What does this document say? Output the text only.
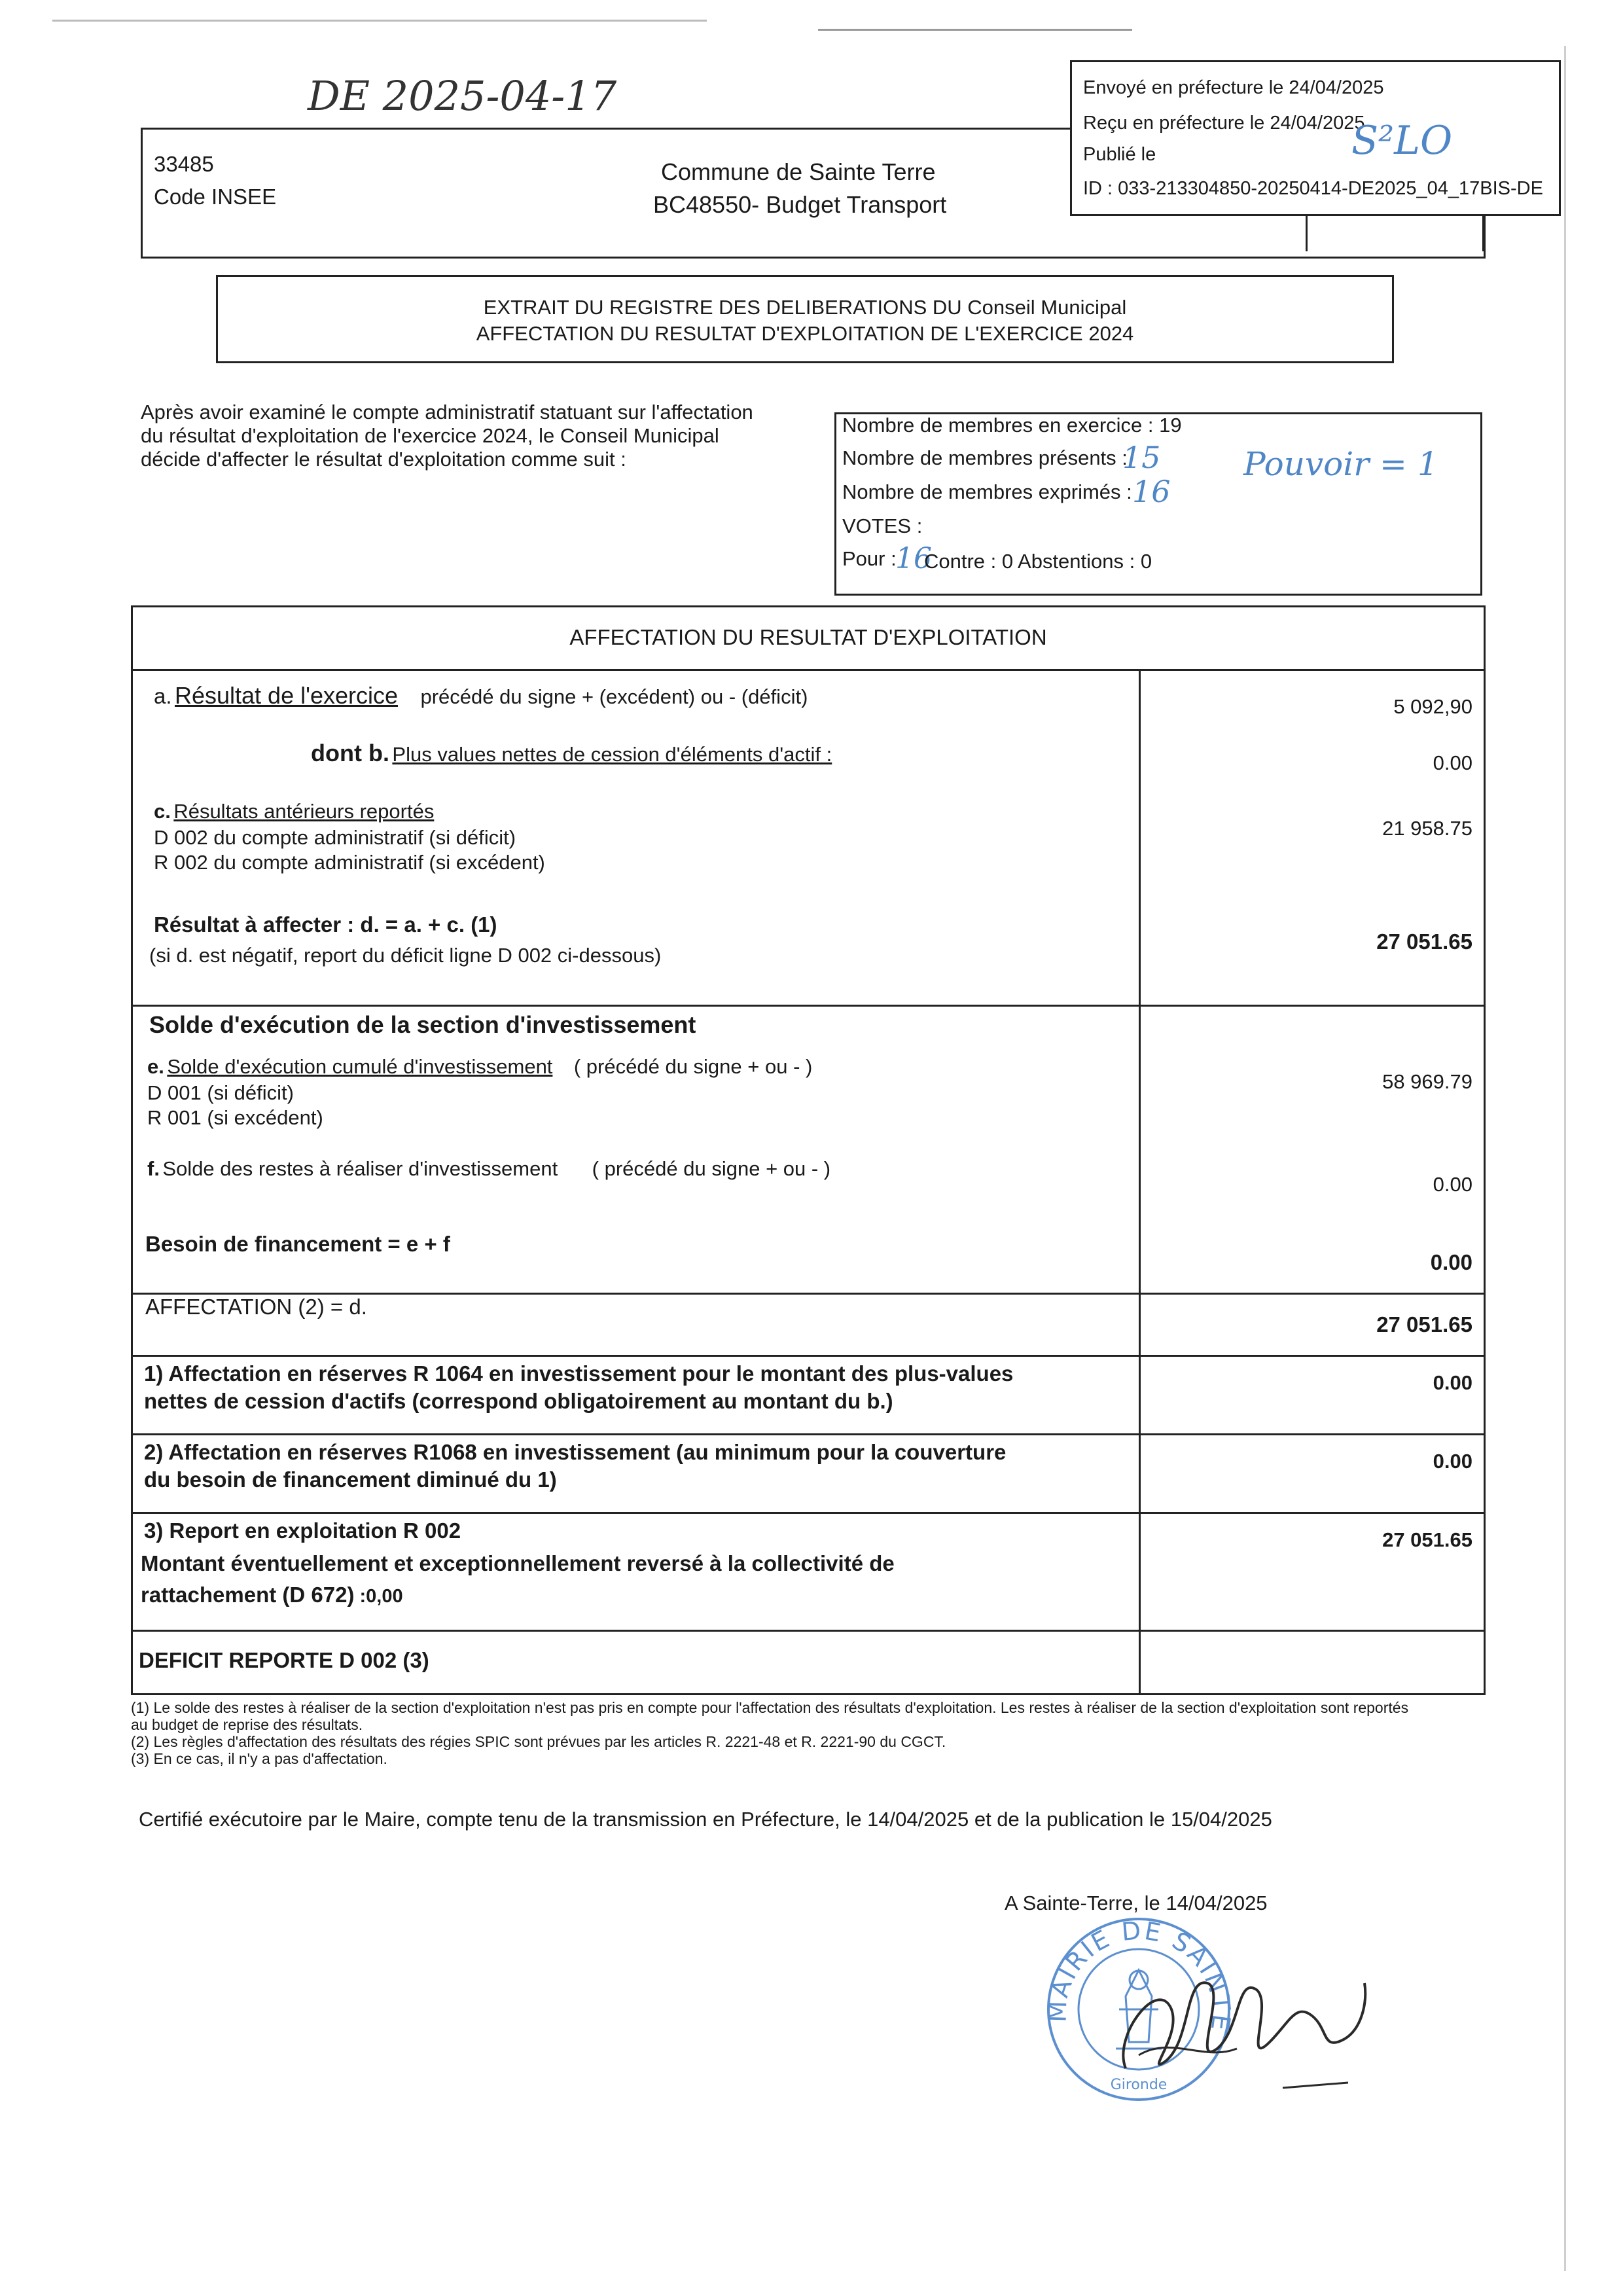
DE 2025-04-17
33485
Code INSEE
Commune de Sainte Terre
BC48550- Budget Transport
Envoyé en préfecture le 24/04/2025
Reçu en préfecture le 24/04/2025
Publié le
ID : 033-213304850-20250414-DE2025_04_17BIS-DE
S²LO
EXTRAIT DU REGISTRE DES DELIBERATIONS DU Conseil Municipal
AFFECTATION DU RESULTAT D'EXPLOITATION DE L'EXERCICE 2024
Après avoir examiné le compte administratif statuant sur l'affectation
du résultat d'exploitation de l'exercice 2024, le Conseil Municipal
décide d'affecter le résultat d'exploitation comme suit :
Nombre de membres en exercice : 19
Nombre de membres présents :
15
Nombre de membres exprimés : 16
Pouvoir = 1
VOTES :
Pour :
16
Contre : 0 Abstentions : 0
AFFECTATION DU RESULTAT D'EXPLOITATION
a. Résultat de l'exercice précédé du signe + (excédent) ou - (déficit)	5 092,90
dont b. Plus values nettes de cession d'éléments d'actif :	0.00
c. Résultats antérieurs reportés
D 002 du compte administratif (si déficit)
R 002 du compte administratif (si excédent)
21 958.75
Résultat à affecter : d. = a. + c. (1)
(si d. est négatif, report du déficit ligne D 002 ci-dessous)
27 051.65
Solde d'exécution de la section d'investissement
e. Solde d'exécution cumulé d'investissement ( précédé du signe + ou - )
D 001 (si déficit)
R 001 (si excédent)
58 969.79
f. Solde des restes à réaliser d'investissement ( précédé du signe + ou - )
0.00
Besoin de financement = e + f
0.00
AFFECTATION (2) = d.
27 051.65
1) Affectation en réserves R 1064 en investissement pour le montant des plus-values
nettes de cession d'actifs (correspond obligatoirement au montant du b.)
0.00
2) Affectation en réserves R1068 en investissement (au minimum pour la couverture
du besoin de financement diminué du 1)
0.00
3) Report en exploitation R 002
Montant éventuellement et exceptionnellement reversé à la collectivité de
rattachement (D 672) :0,00
27 051.65
DEFICIT REPORTE D 002 (3)
(1) Le solde des restes à réaliser de la section d'exploitation n'est pas pris en compte pour l'affectation des résultats d'exploitation. Les restes à réaliser de la section d'exploitation sont reportés
au budget de reprise des résultats.
(2) Les règles d'affectation des résultats des régies SPIC sont prévues par les articles R. 2221-48 et R. 2221-90 du CGCT.
(3) En ce cas, il n'y a pas d'affectation.
Certifié exécutoire par le Maire, compte tenu de la transmission en Préfecture, le 14/04/2025 et de la publication le 15/04/2025
A Sainte-Terre, le 14/04/2025
MAIRIE DE SAINTE
Gironde
